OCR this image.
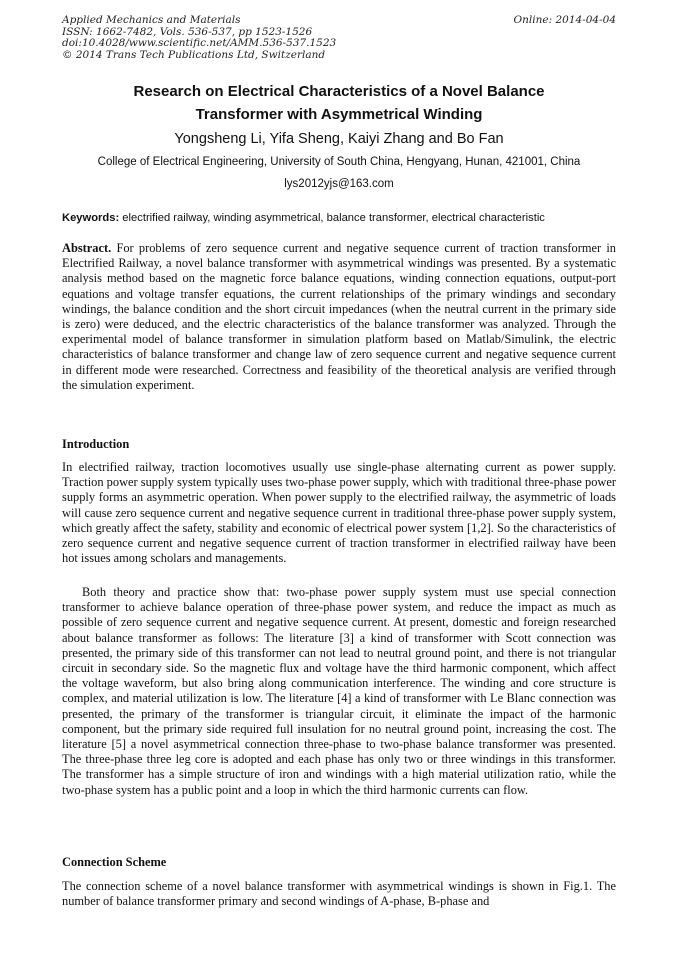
Applied Mechanics and Materials
ISSN: 1662-7482, Vols. 536-537, pp 1523-1526
doi:10.4028/www.scientific.net/AMM.536-537.1523
© 2014 Trans Tech Publications Ltd, Switzerland
Online: 2014-04-04
Research on Electrical Characteristics of a Novel Balance
Transformer with Asymmetrical Winding
Yongsheng Li, Yifa Sheng, Kaiyi Zhang and Bo Fan
College of Electrical Engineering, University of South China, Hengyang, Hunan, 421001, China
lys2012yjs@163.com
Keywords: electrified railway, winding asymmetrical, balance transformer, electrical characteristic

Abstract. For problems of zero sequence current and negative sequence current of traction transformer in Electrified Railway, a novel balance transformer with asymmetrical windings was presented. By a systematic analysis method based on the magnetic force balance equations, winding connection equations, output-port equations and voltage transfer equations, the current relationships of the primary windings and secondary windings, the balance condition and the short circuit impedances (when the neutral current in the primary side is zero) were deduced, and the electric characteristics of the balance transformer was analyzed. Through the experimental model of balance transformer in simulation platform based on Matlab/Simulink, the electric characteristics of balance transformer and change law of zero sequence current and negative sequence current in different mode were researched. Correctness and feasibility of the theoretical analysis are verified through the simulation experiment.

Introduction

In electrified railway, traction locomotives usually use single-phase alternating current as power supply. Traction power supply system typically uses two-phase power supply, which with traditional three-phase power supply forms an asymmetric operation. When power supply to the electrified railway, the asymmetric of loads will cause zero sequence current and negative sequence current in traditional three-phase power supply system, which greatly affect the safety, stability and economic of electrical power system [1,2]. So the characteristics of zero sequence current and negative sequence current of traction transformer in electrified railway have been hot issues among scholars and managements.

Both theory and practice show that: two-phase power supply system must use special connection transformer to achieve balance operation of three-phase power system, and reduce the impact as much as possible of zero sequence current and negative sequence current. At present, domestic and foreign researched about balance transformer as follows: The literature [3] a kind of transformer with Scott connection was presented, the primary side of this transformer can not lead to neutral ground point, and there is not triangular circuit in secondary side. So the magnetic flux and voltage have the third harmonic component, which affect the voltage waveform, but also bring along communication interference. The winding and core structure is complex, and material utilization is low. The literature [4] a kind of transformer with Le Blanc connection was presented, the primary of the transformer is triangular circuit, it eliminate the impact of the harmonic component, but the primary side required full insulation for no neutral ground point, increasing the cost. The literature [5] a novel asymmetrical connection three-phase to two-phase balance transformer was presented. The three-phase three leg core is adopted and each phase has only two or three windings in this transformer. The transformer has a simple structure of iron and windings with a high material utilization ratio, while the two-phase system has a public point and a loop in which the third harmonic currents can flow.

Connection Scheme

The connection scheme of a novel balance transformer with asymmetrical windings is shown in Fig.1. The number of balance transformer primary and second windings of A-phase, B-phase and
